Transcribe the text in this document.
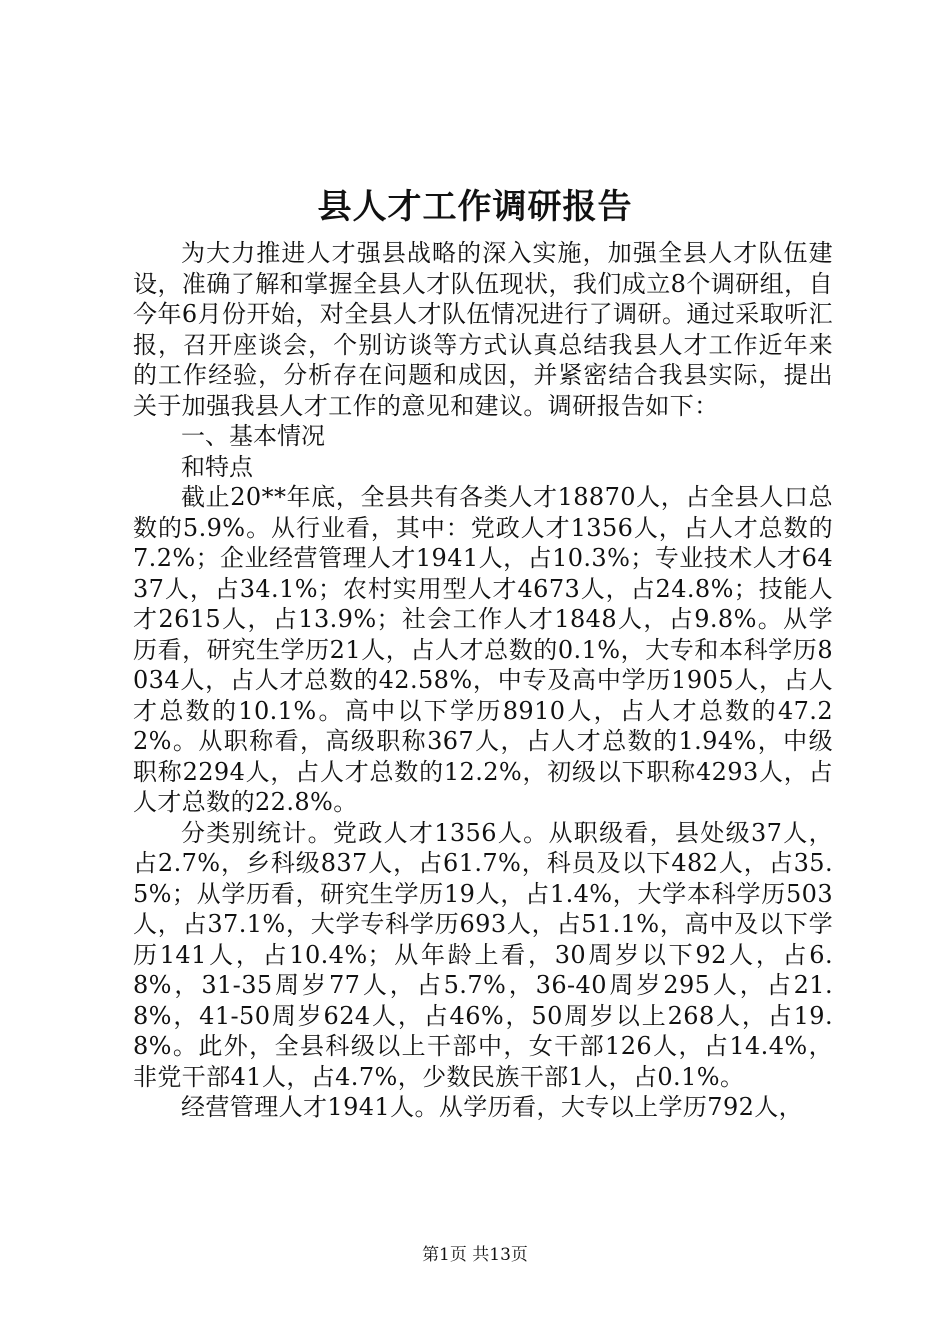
县人才工作调研报告

为大力推进人才强县战略的深入实施，加强全县人才队伍建设，准确了解和掌握全县人才队伍现状，我们成立8个调研组，自今年6月份开始，对全县人才队伍情况进行了调研。通过采取听汇报，召开座谈会，个别访谈等方式认真总结我县人才工作近年来的工作经验，分析存在问题和成因，并紧密结合我县实际，提出关于加强我县人才工作的意见和建议。调研报告如下：

一、基本情况

和特点

截止20**年底，全县共有各类人才18870人，占全县人口总数的5.9%。从行业看，其中：党政人才1356人，占人才总数的7.2%；企业经营管理人才1941人，占10.3%；专业技术人才6437人，占34.1%；农村实用型人才4673人，占24.8%；技能人才2615人，占13.9%；社会工作人才1848人，占9.8%。从学历看，研究生学历21人，占人才总数的0.1%，大专和本科学历8034人，占人才总数的42.58%，中专及高中学历1905人，占人才总数的10.1%。高中以下学历8910人，占人才总数的47.22%。从职称看，高级职称367人，占人才总数的1.94%，中级职称2294人，占人才总数的12.2%，初级以下职称4293人，占人才总数的22.8%。

分类别统计。党政人才1356人。从职级看，县处级37人，占2.7%，乡科级837人，占61.7%，科员及以下482人，占35.5%；从学历看，研究生学历19人，占1.4%，大学本科学历503人，占37.1%，大学专科学历693人，占51.1%，高中及以下学历141人，占10.4%；从年龄上看，30周岁以下92人，占6.8%，31-35周岁77人，占5.7%，36-40周岁295人，占21.8%，41-50周岁624人，占46%，50周岁以上268人，占19.8%。此外，全县科级以上干部中，女干部126人，占14.4%，非党干部41人，占4.7%，少数民族干部1人，占0.1%。

经营管理人才1941人。从学历看，大专以上学历792人，

第1页 共13页
